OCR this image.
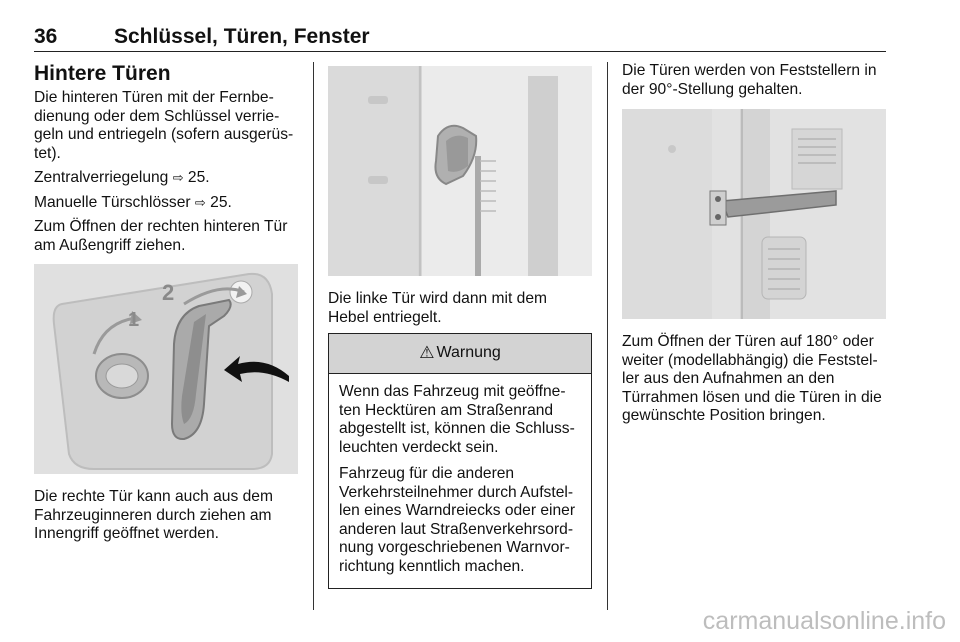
36	Schlüssel, Türen, Fenster
Hintere Türen

Die hinteren Türen mit der Fernbedienung oder dem Schlüssel verriegeln und entriegeln (sofern ausgerüstet).

Zentralverriegelung ⇨ 25.

Manuelle Türschlösser ⇨ 25.

Zum Öffnen der rechten hinteren Tür am Außengriff ziehen.

2
1

Die rechte Tür kann auch aus dem Fahrzeuginneren durch ziehen am Innengriff geöffnet werden.

Die linke Tür wird dann mit dem Hebel entriegelt.

⚠ Warnung

Wenn das Fahrzeug mit geöffneten Hecktüren am Straßenrand abgestellt ist, können die Schlussleuchten verdeckt sein.

Fahrzeug für die anderen Verkehrsteilnehmer durch Aufstellen eines Warndreiecks oder einer anderen laut Straßenverkehrsordnung vorgeschriebenen Warnvorrichtung kenntlich machen.

Die Türen werden von Feststellern in der 90°-Stellung gehalten.

Zum Öffnen der Türen auf 180° oder weiter (modellabhängig) die Feststeller aus den Aufnahmen an den Türrahmen lösen und die Türen in die gewünschte Position bringen.

carmanualsonline.info
